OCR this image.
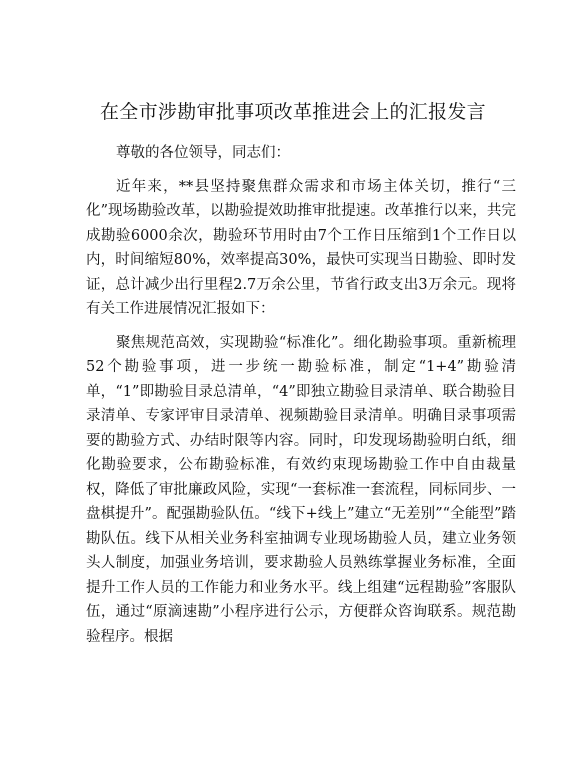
在全市涉勘审批事项改革推进会上的汇报发言

尊敬的各位领导，同志们：

近年来，**县坚持聚焦群众需求和市场主体关切，推行“三化”现场勘验改革，以勘验提效助推审批提速。改革推行以来，共完成勘验6000余次，勘验环节用时由7个工作日压缩到1个工作日以内，时间缩短80%，效率提高30%，最快可实现当日勘验、即时发证，总计减少出行里程2.7万余公里，节省行政支出3万余元。现将有关工作进展情况汇报如下：

聚焦规范高效，实现勘验“标准化”。细化勘验事项。重新梳理52个勘验事项，进一步统一勘验标准，制定“1+4”勘验清单，“1”即勘验目录总清单，“4”即独立勘验目录清单、联合勘验目录清单、专家评审目录清单、视频勘验目录清单。明确目录事项需要的勘验方式、办结时限等内容。同时，印发现场勘验明白纸，细化勘验要求，公布勘验标准，有效约束现场勘验工作中自由裁量权，降低了审批廉政风险，实现“一套标准一套流程，同标同步、一盘棋提升”。配强勘验队伍。“线下+线上”建立“无差别”“全能型”踏勘队伍。线下从相关业务科室抽调专业现场勘验人员，建立业务领头人制度，加强业务培训，要求勘验人员熟练掌握业务标准，全面提升工作人员的工作能力和业务水平。线上组建“远程勘验”客服队伍，通过“原滴速勘”小程序进行公示，方便群众咨询联系。规范勘验程序。根据
